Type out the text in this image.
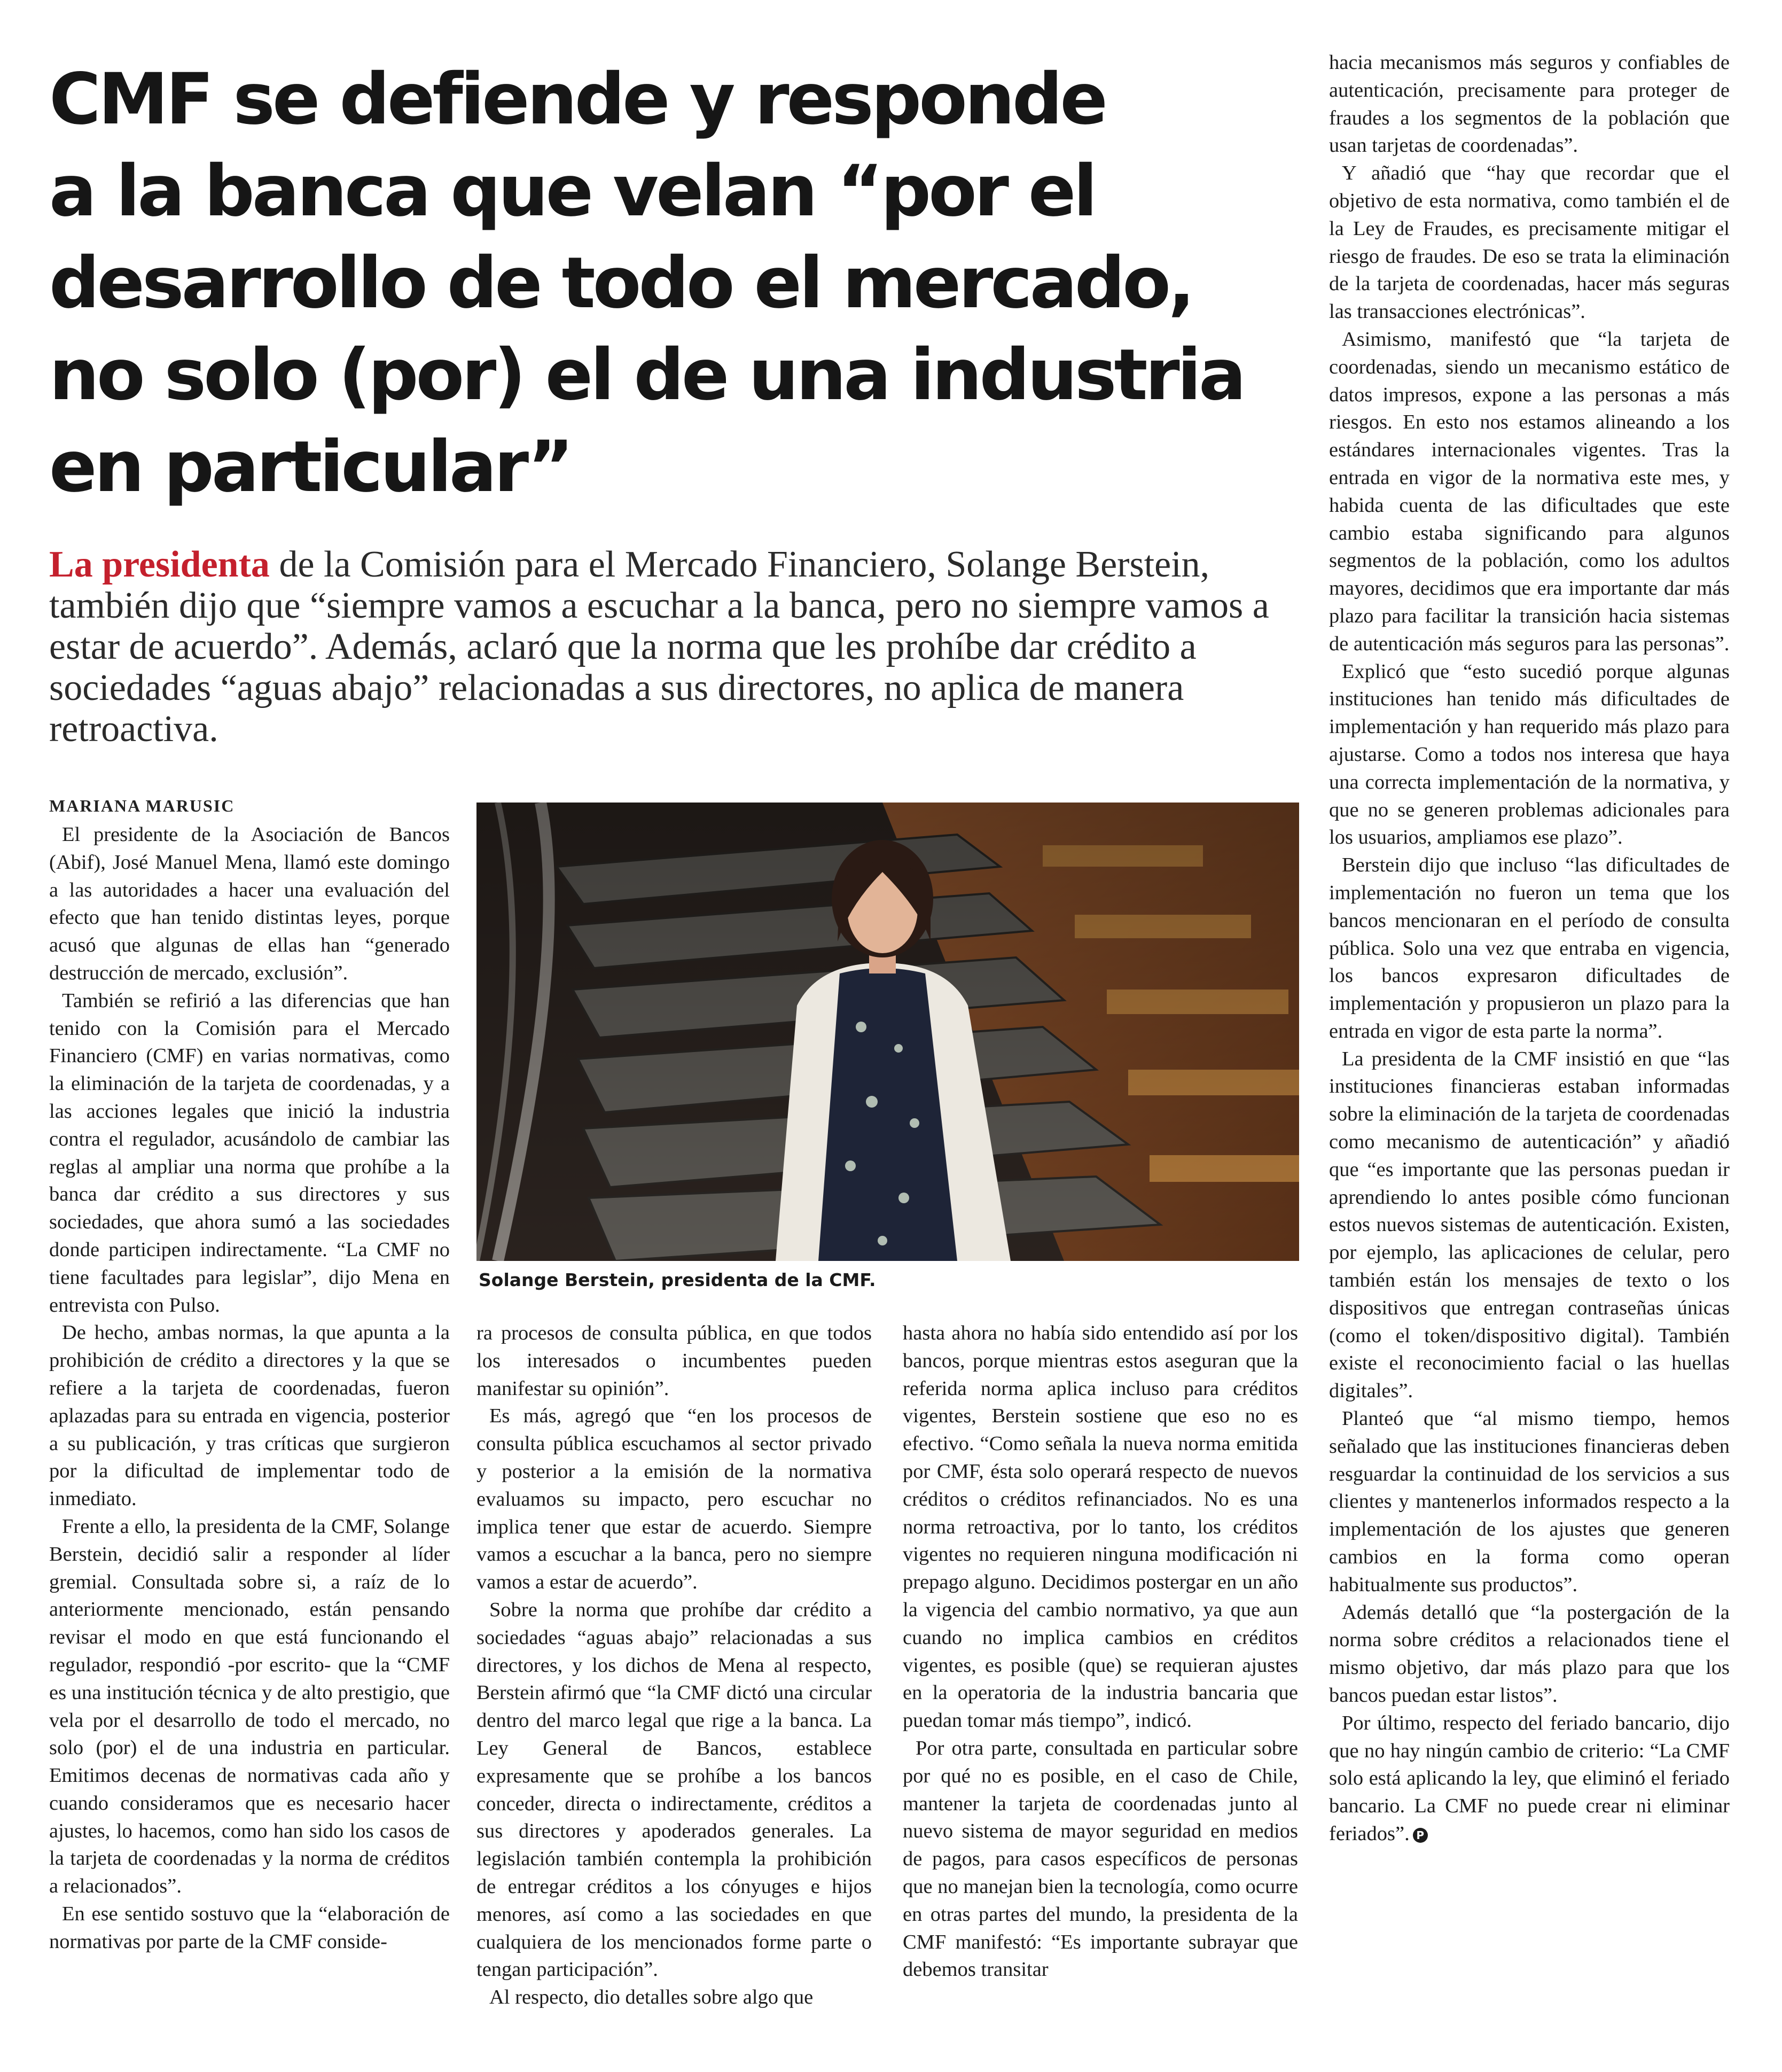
CMF se defiende y responde
a la banca que velan “por el
desarrollo de todo el mercado,
no solo (por) el de una industria
en particular”

La presidenta de la Comisión para el Mercado Financiero, Solange Berstein, también dijo que “siempre vamos a escuchar a la banca, pero no siempre vamos a estar de acuerdo”. Además, aclaró que la norma que les prohíbe dar crédito a sociedades “aguas abajo” relacionadas a sus directores, no aplica de manera retroactiva.

MARIANA MARUSIC

El presidente de la Asociación de Bancos (Abif), José Manuel Mena, llamó este domingo a las autoridades a hacer una evaluación del efecto que han tenido distintas leyes, porque acusó que algunas de ellas han “generado destrucción de mercado, exclusión”.

También se refirió a las diferencias que han tenido con la Comisión para el Mercado Financiero (CMF) en varias normativas, como la eliminación de la tarjeta de coordenadas, y a las acciones legales que inició la industria contra el regulador, acusándolo de cambiar las reglas al ampliar una norma que prohíbe a la banca dar crédito a sus directores y sus sociedades, que ahora sumó a las sociedades donde participen indirectamente. “La CMF no tiene facultades para legislar”, dijo Mena en entrevista con Pulso.

De hecho, ambas normas, la que apunta a la prohibición de crédito a directores y la que se refiere a la tarjeta de coordenadas, fueron aplazadas para su entrada en vigencia, posterior a su publicación, y tras críticas que surgieron por la dificultad de implementar todo de inmediato.

Frente a ello, la presidenta de la CMF, Solange Berstein, decidió salir a responder al líder gremial. Consultada sobre si, a raíz de lo anteriormente mencionado, están pensando revisar el modo en que está funcionando el regulador, respondió -por escrito- que la “CMF es una institución técnica y de alto prestigio, que vela por el desarrollo de todo el mercado, no solo (por) el de una industria en particular. Emitimos decenas de normativas cada año y cuando consideramos que es necesario hacer ajustes, lo hacemos, como han sido los casos de la tarjeta de coordenadas y la norma de créditos a relacionados”.

En ese sentido sostuvo que la “elaboración de normativas por parte de la CMF conside-

Solange Berstein, presidenta de la CMF.

ra procesos de consulta pública, en que todos los interesados o incumbentes pueden manifestar su opinión”.

Es más, agregó que “en los procesos de consulta pública escuchamos al sector privado y posterior a la emisión de la normativa evaluamos su impacto, pero escuchar no implica tener que estar de acuerdo. Siempre vamos a escuchar a la banca, pero no siempre vamos a estar de acuerdo”.

Sobre la norma que prohíbe dar crédito a sociedades “aguas abajo” relacionadas a sus directores, y los dichos de Mena al respecto, Berstein afirmó que “la CMF dictó una circular dentro del marco legal que rige a la banca. La Ley General de Bancos, establece expresamente que se prohíbe a los bancos conceder, directa o indirectamente, créditos a sus directores y apoderados generales. La legislación también contempla la prohibición de entregar créditos a los cónyuges e hijos menores, así como a las sociedades en que cualquiera de los mencionados forme parte o tengan participación”.

Al respecto, dio detalles sobre algo que

hasta ahora no había sido entendido así por los bancos, porque mientras estos aseguran que la referida norma aplica incluso para créditos vigentes, Berstein sostiene que eso no es efectivo. “Como señala la nueva norma emitida por CMF, ésta solo operará respecto de nuevos créditos o créditos refinanciados. No es una norma retroactiva, por lo tanto, los créditos vigentes no requieren ninguna modificación ni prepago alguno. Decidimos postergar en un año la vigencia del cambio normativo, ya que aun cuando no implica cambios en créditos vigentes, es posible (que) se requieran ajustes en la operatoria de la industria bancaria que puedan tomar más tiempo”, indicó.

Por otra parte, consultada en particular sobre por qué no es posible, en el caso de Chile, mantener la tarjeta de coordenadas junto al nuevo sistema de mayor seguridad en medios de pagos, para casos específicos de personas que no manejan bien la tecnología, como ocurre en otras partes del mundo, la presidenta de la CMF manifestó: “Es importante subrayar que debemos transitar

hacia mecanismos más seguros y confiables de autenticación, precisamente para proteger de fraudes a los segmentos de la población que usan tarjetas de coordenadas”.

Y añadió que “hay que recordar que el objetivo de esta normativa, como también el de la Ley de Fraudes, es precisamente mitigar el riesgo de fraudes. De eso se trata la eliminación de la tarjeta de coordenadas, hacer más seguras las transacciones electrónicas”.

Asimismo, manifestó que “la tarjeta de coordenadas, siendo un mecanismo estático de datos impresos, expone a las personas a más riesgos. En esto nos estamos alineando a los estándares internacionales vigentes. Tras la entrada en vigor de la normativa este mes, y habida cuenta de las dificultades que este cambio estaba significando para algunos segmentos de la población, como los adultos mayores, decidimos que era importante dar más plazo para facilitar la transición hacia sistemas de autenticación más seguros para las personas”.

Explicó que “esto sucedió porque algunas instituciones han tenido más dificultades de implementación y han requerido más plazo para ajustarse. Como a todos nos interesa que haya una correcta implementación de la normativa, y que no se generen problemas adicionales para los usuarios, ampliamos ese plazo”.

Berstein dijo que incluso “las dificultades de implementación no fueron un tema que los bancos mencionaran en el período de consulta pública. Solo una vez que entraba en vigencia, los bancos expresaron dificultades de implementación y propusieron un plazo para la entrada en vigor de esta parte la norma”.

La presidenta de la CMF insistió en que “las instituciones financieras estaban informadas sobre la eliminación de la tarjeta de coordenadas como mecanismo de autenticación” y añadió que “es importante que las personas puedan ir aprendiendo lo antes posible cómo funcionan estos nuevos sistemas de autenticación. Existen, por ejemplo, las aplicaciones de celular, pero también están los mensajes de texto o los dispositivos que entregan contraseñas únicas (como el token/dispositivo digital). También existe el reconocimiento facial o las huellas digitales”.

Planteó que “al mismo tiempo, hemos señalado que las instituciones financieras deben resguardar la continuidad de los servicios a sus clientes y mantenerlos informados respecto a la implementación de los ajustes que generen cambios en la forma como operan habitualmente sus productos”.

Además detalló que “la postergación de la norma sobre créditos a relacionados tiene el mismo objetivo, dar más plazo para que los bancos puedan estar listos”.

Por último, respecto del feriado bancario, dijo que no hay ningún cambio de criterio: “La CMF solo está aplicando la ley, que eliminó el feriado bancario. La CMF no puede crear ni eliminar feriados”. P
